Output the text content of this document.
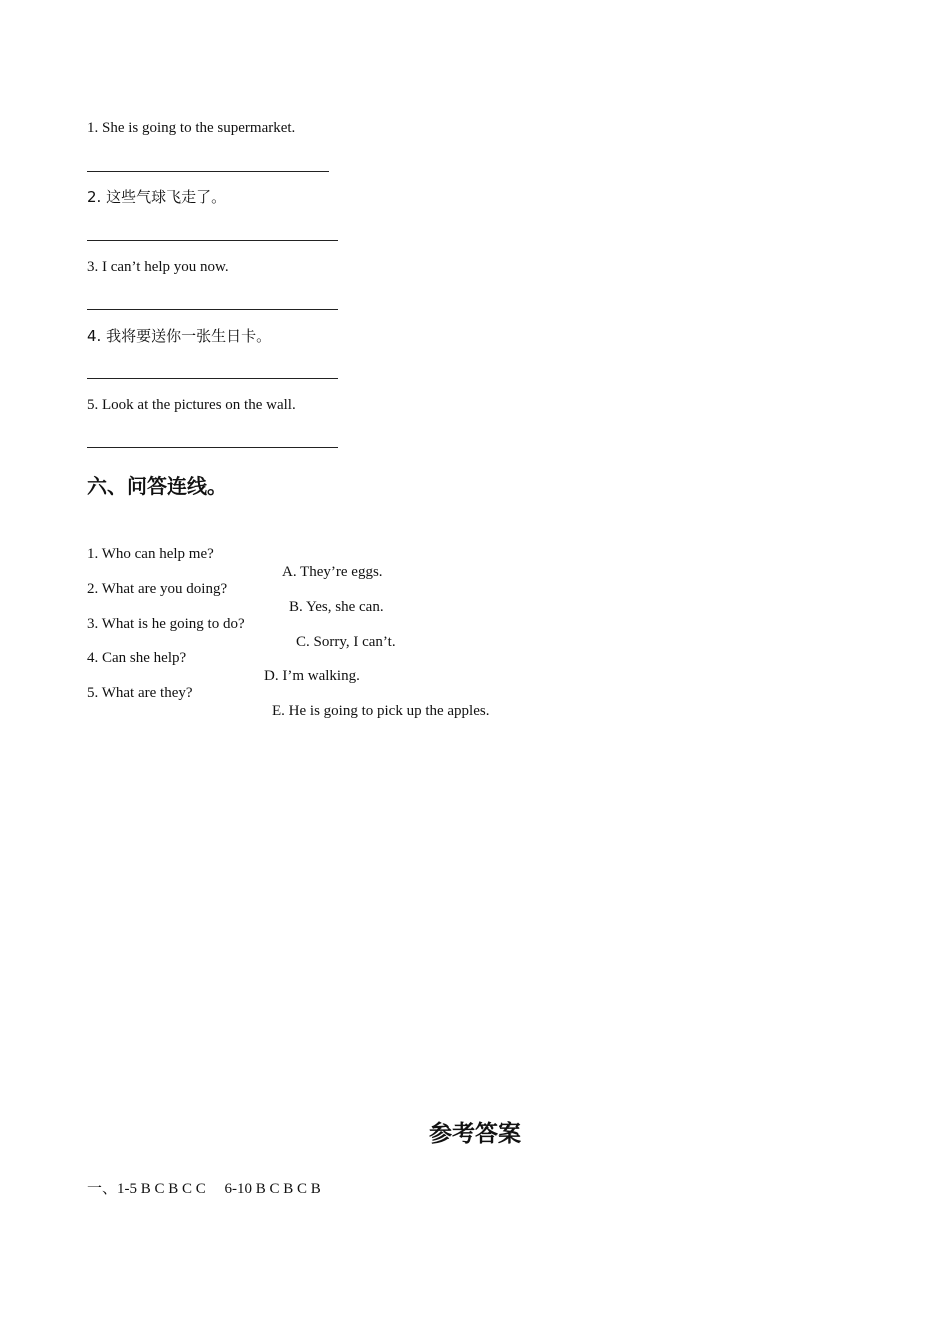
1. She is going to the supermarket.
2. 这些气球飞走了。
3. I can’t help you now.
4. 我将要送你一张生日卡。
5. Look at the pictures on the wall.
六、问答连线。

1. Who can help me?

A. They’re eggs.

2. What are you doing?

B. Yes, she can.

3. What is he going to do?

C. Sorry, I can’t.

4. Can she help?

D. I’m walking.

5. What are they?

E. He is going to pick up the apples.

参考答案
一、1-5 B C B C C     6-10 B C B C B
